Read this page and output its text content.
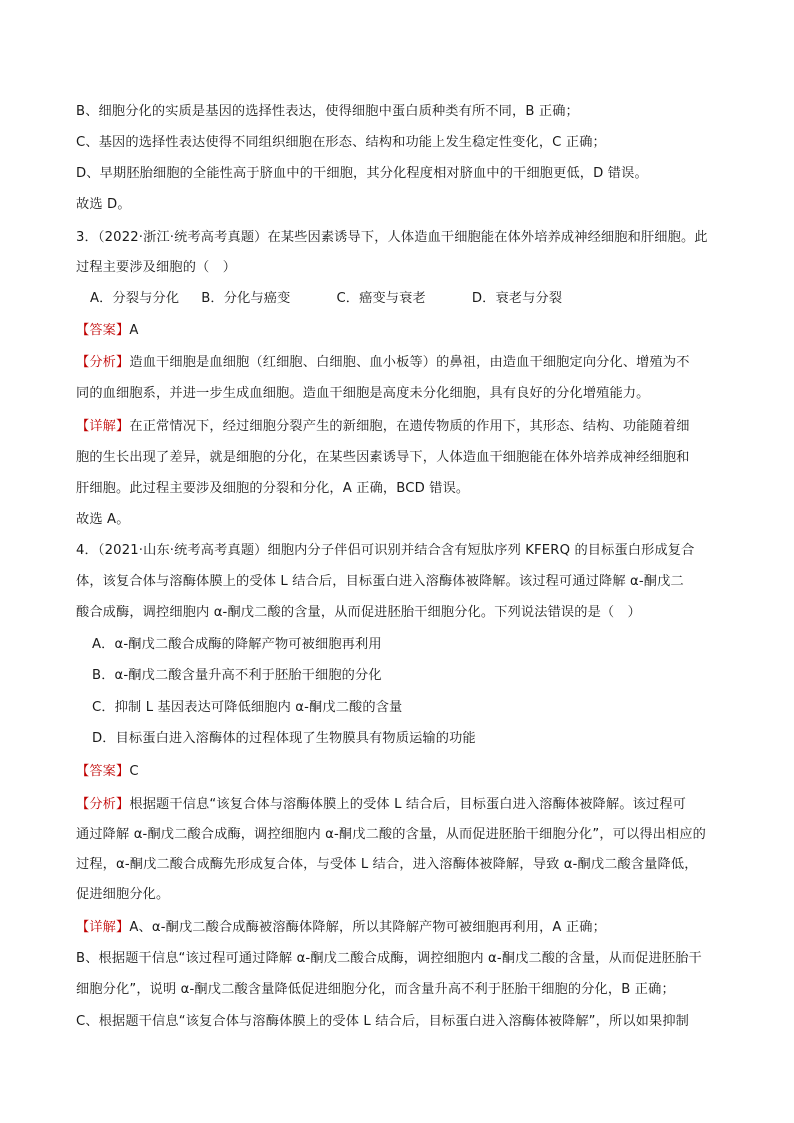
B、细胞分化的实质是基因的选择性表达，使得细胞中蛋白质种类有所不同，B 正确；
C、基因的选择性表达使得不同组织细胞在形态、结构和功能上发生稳定性变化，C 正确；
D、早期胚胎细胞的全能性高于脐血中的干细胞，其分化程度相对脐血中的干细胞更低，D 错误。
故选 D。
3．（2022·浙江·统考高考真题）在某些因素诱导下，人体造血干细胞能在体外培养成神经细胞和肝细胞。此
过程主要涉及细胞的（　）
A．分裂与分化 B．分化与癌变	C．癌变与衰老	D．衰老与分裂
【答案】A
【分析】造血干细胞是血细胞（红细胞、白细胞、血小板等）的鼻祖，由造血干细胞定向分化、增殖为不
同的血细胞系，并进一步生成血细胞。造血干细胞是高度未分化细胞，具有良好的分化增殖能力。
【详解】在正常情况下，经过细胞分裂产生的新细胞，在遗传物质的作用下，其形态、结构、功能随着细
胞的生长出现了差异，就是细胞的分化，在某些因素诱导下，人体造血干细胞能在体外培养成神经细胞和
肝细胞。此过程主要涉及细胞的分裂和分化，A 正确，BCD 错误。
故选 A。
4．（2021·山东·统考高考真题）细胞内分子伴侣可识别并结合含有短肽序列 KFERQ 的目标蛋白形成复合
体，该复合体与溶酶体膜上的受体 L 结合后，目标蛋白进入溶酶体被降解。该过程可通过降解 α-酮戊二
酸合成酶，调控细胞内 α-酮戊二酸的含量，从而促进胚胎干细胞分化。下列说法错误的是（　）
A．α-酮戊二酸合成酶的降解产物可被细胞再利用
B．α-酮戊二酸含量升高不利于胚胎干细胞的分化
C．抑制 L 基因表达可降低细胞内 α-酮戊二酸的含量
D．目标蛋白进入溶酶体的过程体现了生物膜具有物质运输的功能
【答案】C
【分析】根据题干信息“该复合体与溶酶体膜上的受体 L 结合后，目标蛋白进入溶酶体被降解。该过程可
通过降解 α-酮戊二酸合成酶，调控细胞内 α-酮戊二酸的含量，从而促进胚胎干细胞分化”，可以得出相应的
过程，α-酮戊二酸合成酶先形成复合体，与受体 L 结合，进入溶酶体被降解，导致 α-酮戊二酸含量降低，
促进细胞分化。
【详解】A、α-酮戊二酸合成酶被溶酶体降解，所以其降解产物可被细胞再利用，A 正确；
B、根据题干信息“该过程可通过降解 α-酮戊二酸合成酶，调控细胞内 α-酮戊二酸的含量，从而促进胚胎干
细胞分化”，说明 α-酮戊二酸含量降低促进细胞分化，而含量升高不利于胚胎干细胞的分化，B 正确；
C、根据题干信息“该复合体与溶酶体膜上的受体 L 结合后，目标蛋白进入溶酶体被降解”，所以如果抑制
